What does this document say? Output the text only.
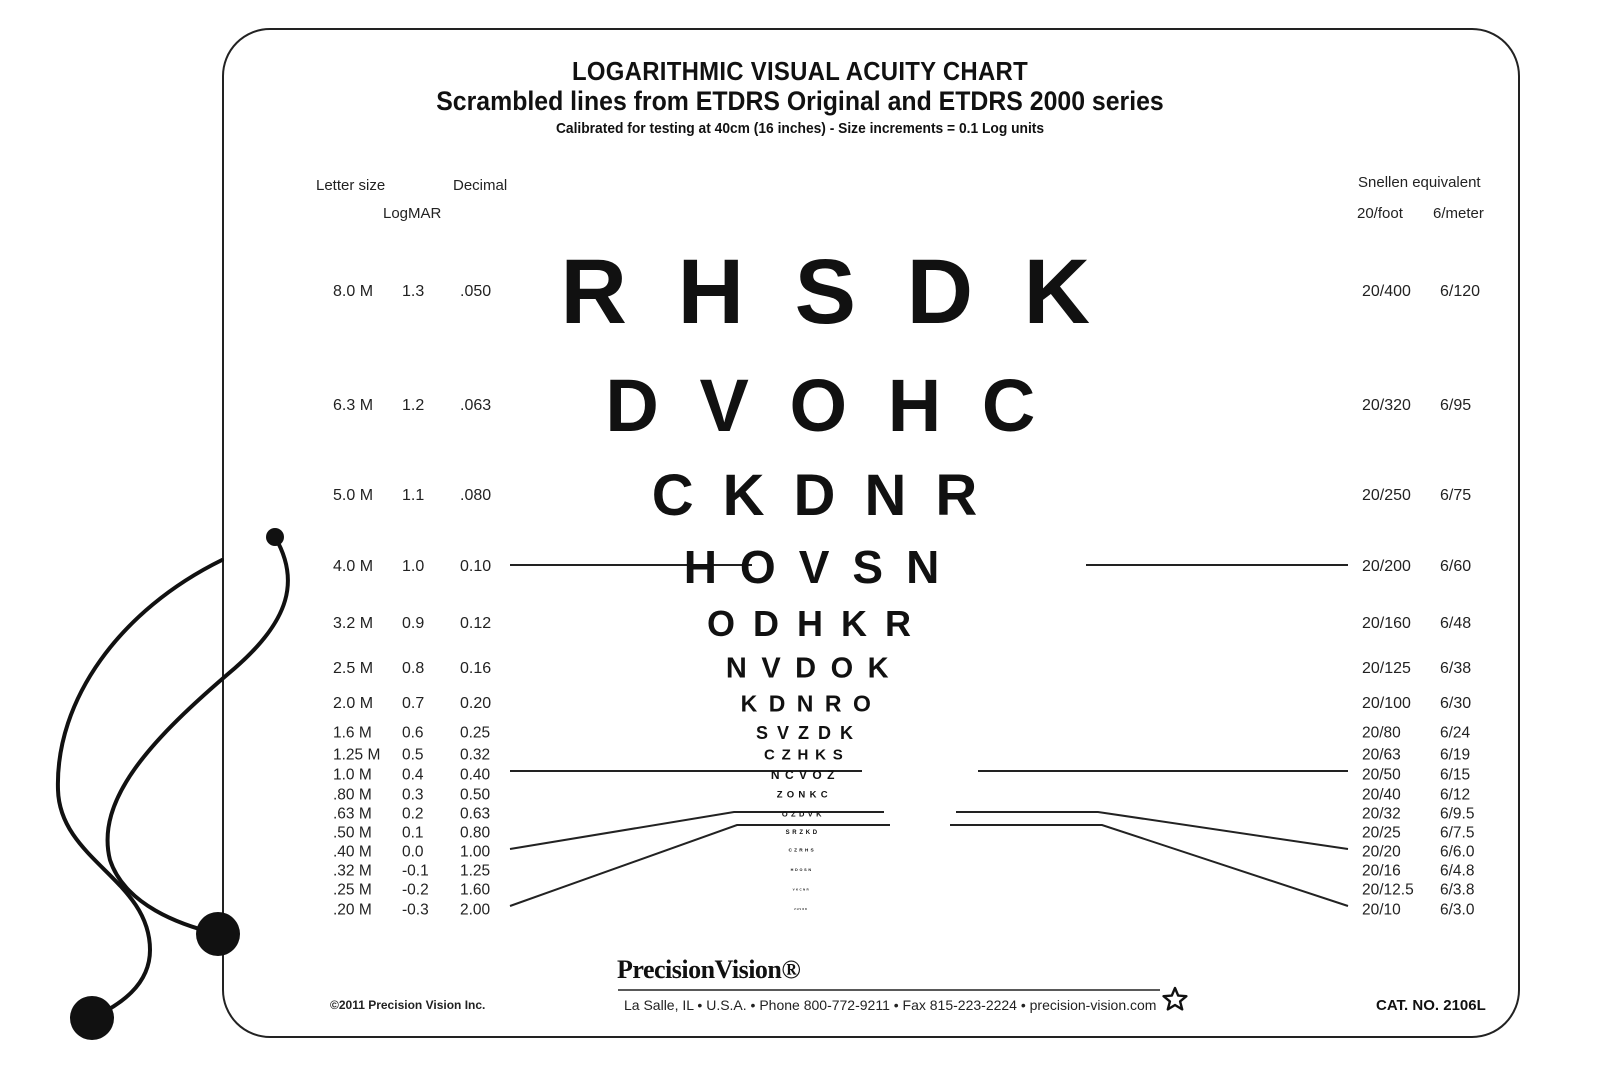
LOGARITHMIC VISUAL ACUITY CHART
Scrambled lines from ETDRS Original and ETDRS 2000 series
Calibrated for testing at 40cm (16 inches) - Size increments = 0.1 Log units
Letter size
LogMAR
Decimal	Snellen equivalent
20/foot 6/meter
8.0 M 1.3 .050	20/400 6/120
RHSDK
6.3 M 1.2 .063	20/320 6/95
DVOHC
5.0 M 1.1 .080	20/250 6/75
CKDNR
4.0 M 1.0 0.10	20/200 6/60
HOVSN
3.2 M 0.9 0.12	20/160 6/48
ODHKR
2.5 M 0.8 0.16	20/125 6/38
NVDOK
2.0 M 0.7 0.20	20/100 6/30
KDNRO
1.6 M 0.6 0.25	20/80	6/24
SVZDK
1.25 M 0.5 0.32	20/63	6/19
CZHKS
1.0 M 0.4 0.40	20/50	6/15
NCVOZ
.80 M 0.3 0.50	20/40	6/12
ZONKC
.63 M 0.2 0.63	20/32	6/9.5
OZDVK
.50 M 0.1 0.80	20/25	6/7.5
SRZKD
.40 M 0.0 1.00	20/20	6/6.0
CZRHS
.32 M -0.1 1.25	20/16	6/4.8
HDOSN
.25 M -0.2 1.60	20/12.5 6/3.8
VKCNR
.20 M -0.3 2.00	20/10	6/3.0
ZHVOD
©2011 Precision Vision Inc.
PrecisionVision®
La Salle, IL • U.S.A. • Phone 800-772-9211 • Fax 815-223-2224 • precision-vision.com	CAT. NO. 2106L
